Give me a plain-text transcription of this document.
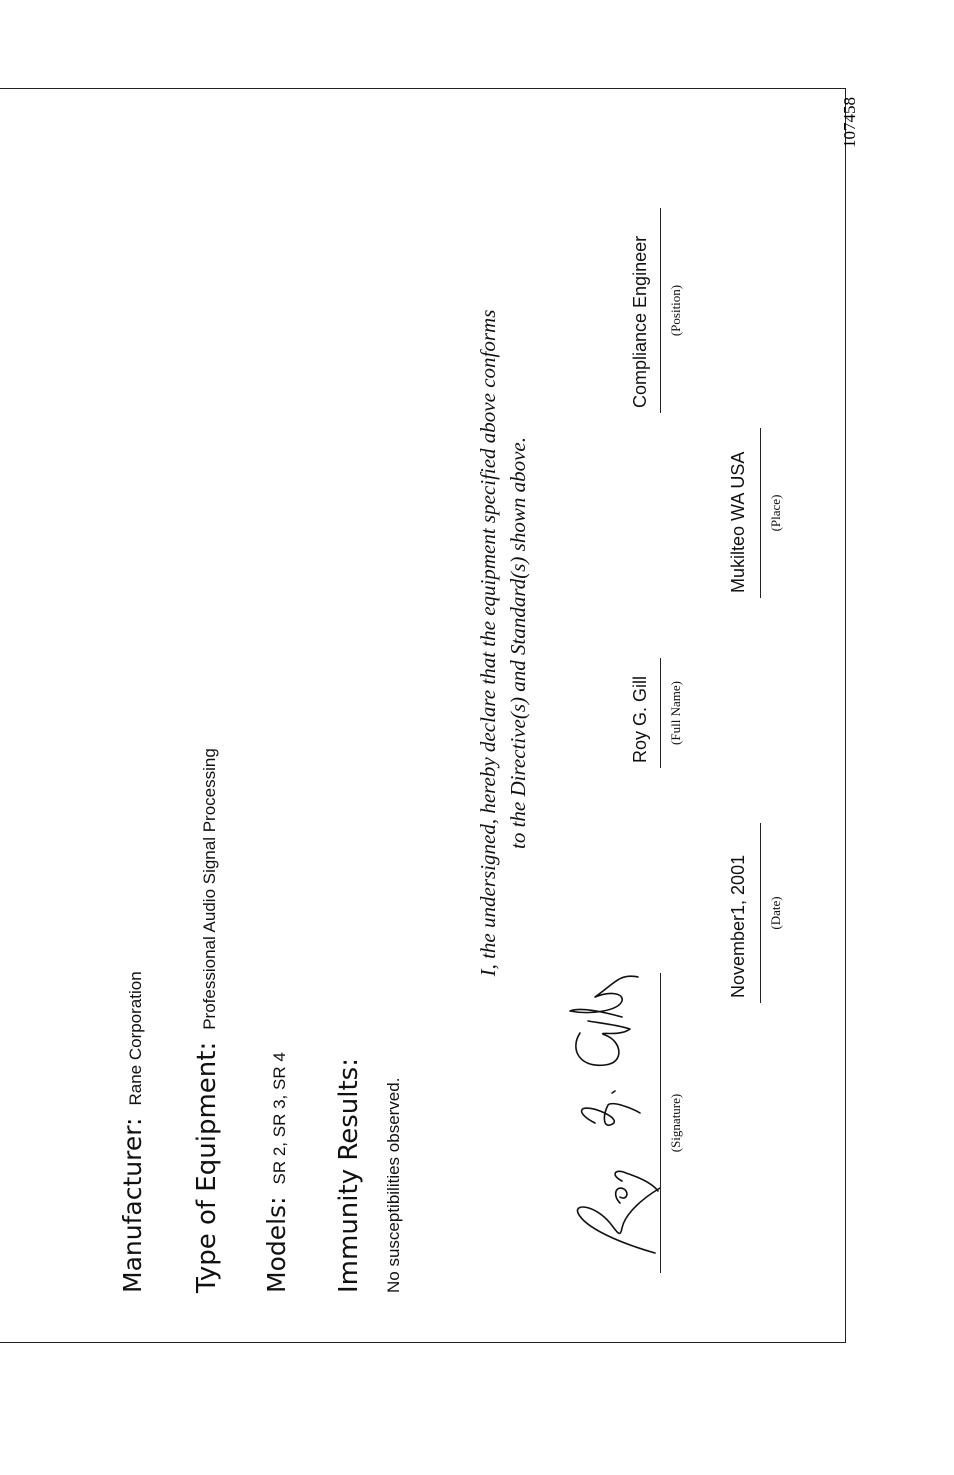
107458
Manufacturer: Rane Corporation
Type of Equipment: Professional Audio Signal Processing
Models: SR 2, SR 3, SR 4 Immunity Results: No susceptibilities observed.
I, the undersigned, hereby declare that the equipment specified above conforms to the Directive(s) and Standard(s) shown above.
(Signature)
Roy G. Gill (Full Name)
Compliance Engineer (Position)
November1, 2001 (Date)
Mukilteo WA USA (Place)
